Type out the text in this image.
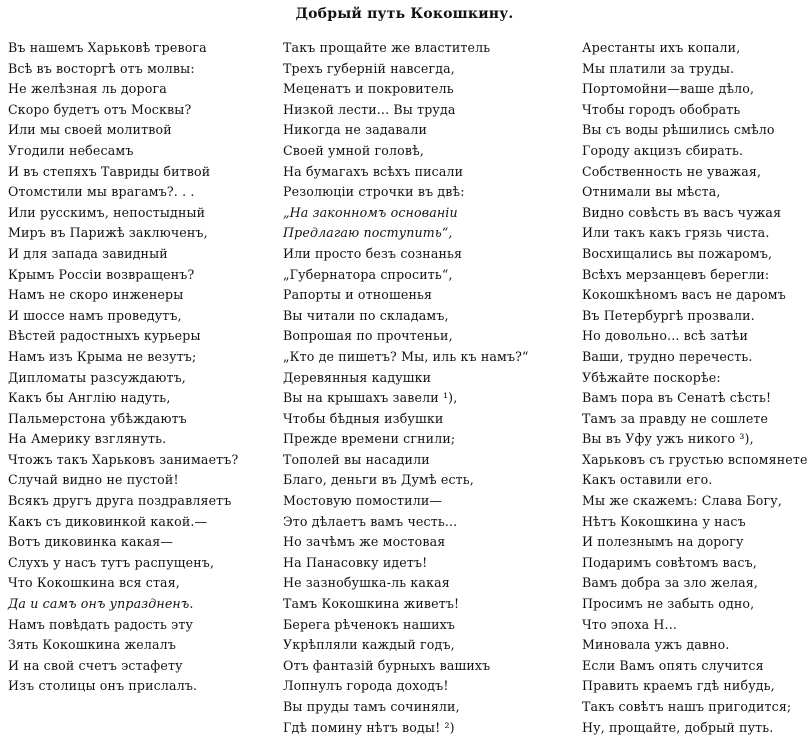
Добрый путь Кокошкину.
Въ нашемъ Харьковѣ тревога
Всѣ въ восторгѣ отъ молвы:
Не желѣзная ль дорога
Скоро будетъ отъ Москвы?
Или мы своей молитвой
Угодили небесамъ
И въ степяхъ Тавриды битвой
Отомстили мы врагамъ?. . .
Или русскимъ, непостыдный
Миръ въ Парижѣ заключенъ,
И для запада завидный
Крымъ Россіи возвращенъ?
Намъ не скоро инженеры
И шоссе намъ проведутъ,
Вѣстей радостныхъ курьеры
Намъ изъ Крыма не везутъ;
Дипломаты разсуждаютъ,
Какъ бы Англію надуть,
Пальмерстона убѣждаютъ
На Америку взглянуть.
Чтожъ такъ Харьковъ занимаетъ?
Случай видно не пустой!
Всякъ другъ друга поздравляетъ
Какъ съ диковинкой какой.—
Вотъ диковинка какая—
Слухъ у насъ тутъ распущенъ,
Что Кокошкина вся стая,
Да и самъ онъ упраздненъ.
Намъ повѣдать радость эту
Зять Кокошкина желалъ
И на свой счетъ эстафету
Изъ столицы онъ прислалъ.
Такъ прощайте же властитель
Трехъ губерній навсегда,
Меценатъ и покровитель
Низкой лести... Вы труда
Никогда не задавали
Своей умной головѣ,
На бумагахъ всѣхъ писали
Резолюціи строчки въ двѣ:
„На законномъ основаніи
Предлагаю поступить“,
Или просто безъ сознанья
„Губернатора спросить“,
Рапорты и отношенья
Вы читали по складамъ,
Вопрошая по прочтеньи,
„Кто де пишетъ? Мы, иль къ намъ?“
Деревянныя кадушки
Вы на крышахъ завели ¹),
Чтобы бѣдныя избушки
Прежде времени сгнили;
Тополей вы насадили
Благо, деньги въ Думѣ есть,
Мостовую помостили—
Это дѣлаетъ вамъ честь...
Но зачѣмъ же мостовая
На Панасовку идетъ!
Не зазнобушка-ль какая
Тамъ Кокошкина живетъ!
Берега рѣченокъ нашихъ
Укрѣпляли каждый годъ,
Отъ фантазій бурныхъ вашихъ
Лопнулъ города доходъ!
Вы пруды тамъ сочиняли,
Гдѣ помину нѣтъ воды! ²)
Арестанты ихъ копали,
Мы платили за труды.
Портомойни—ваше дѣло,
Чтобы городъ обобрать
Вы съ воды рѣшились смѣло
Городу акцизъ сбирать.
Собственность не уважая,
Отнимали вы мѣста,
Видно совѣсть въ васъ чужая
Или такъ какъ грязь чиста.
Восхищались вы пожаромъ,
Всѣхъ мерзанцевъ берегли:
Кокошкѣномъ васъ не даромъ
Въ Петербургѣ прозвали.
Но довольно... всѣ затѣи
Ваши, трудно перечесть.
Убѣжайте поскорѣе:
Вамъ пора въ Сенатѣ сѣсть!
Тамъ за правду не сошлете
Вы въ Уфу ужъ никого ³),
Харьковъ съ грустью вспомянете
Какъ оставили его.
Мы же скажемъ: Слава Богу,
Нѣтъ Кокошкина у насъ
И полезнымъ на дорогу
Подаримъ совѣтомъ васъ,
Вамъ добра за зло желая,
Просимъ не забыть одно,
Что эпоха Н...
Миновала ужъ давно.
Если Вамъ опять случится
Править краемъ гдѣ нибудь,
Такъ совѣтъ нашъ пригодится;
Ну, прощайте, добрый путь.
